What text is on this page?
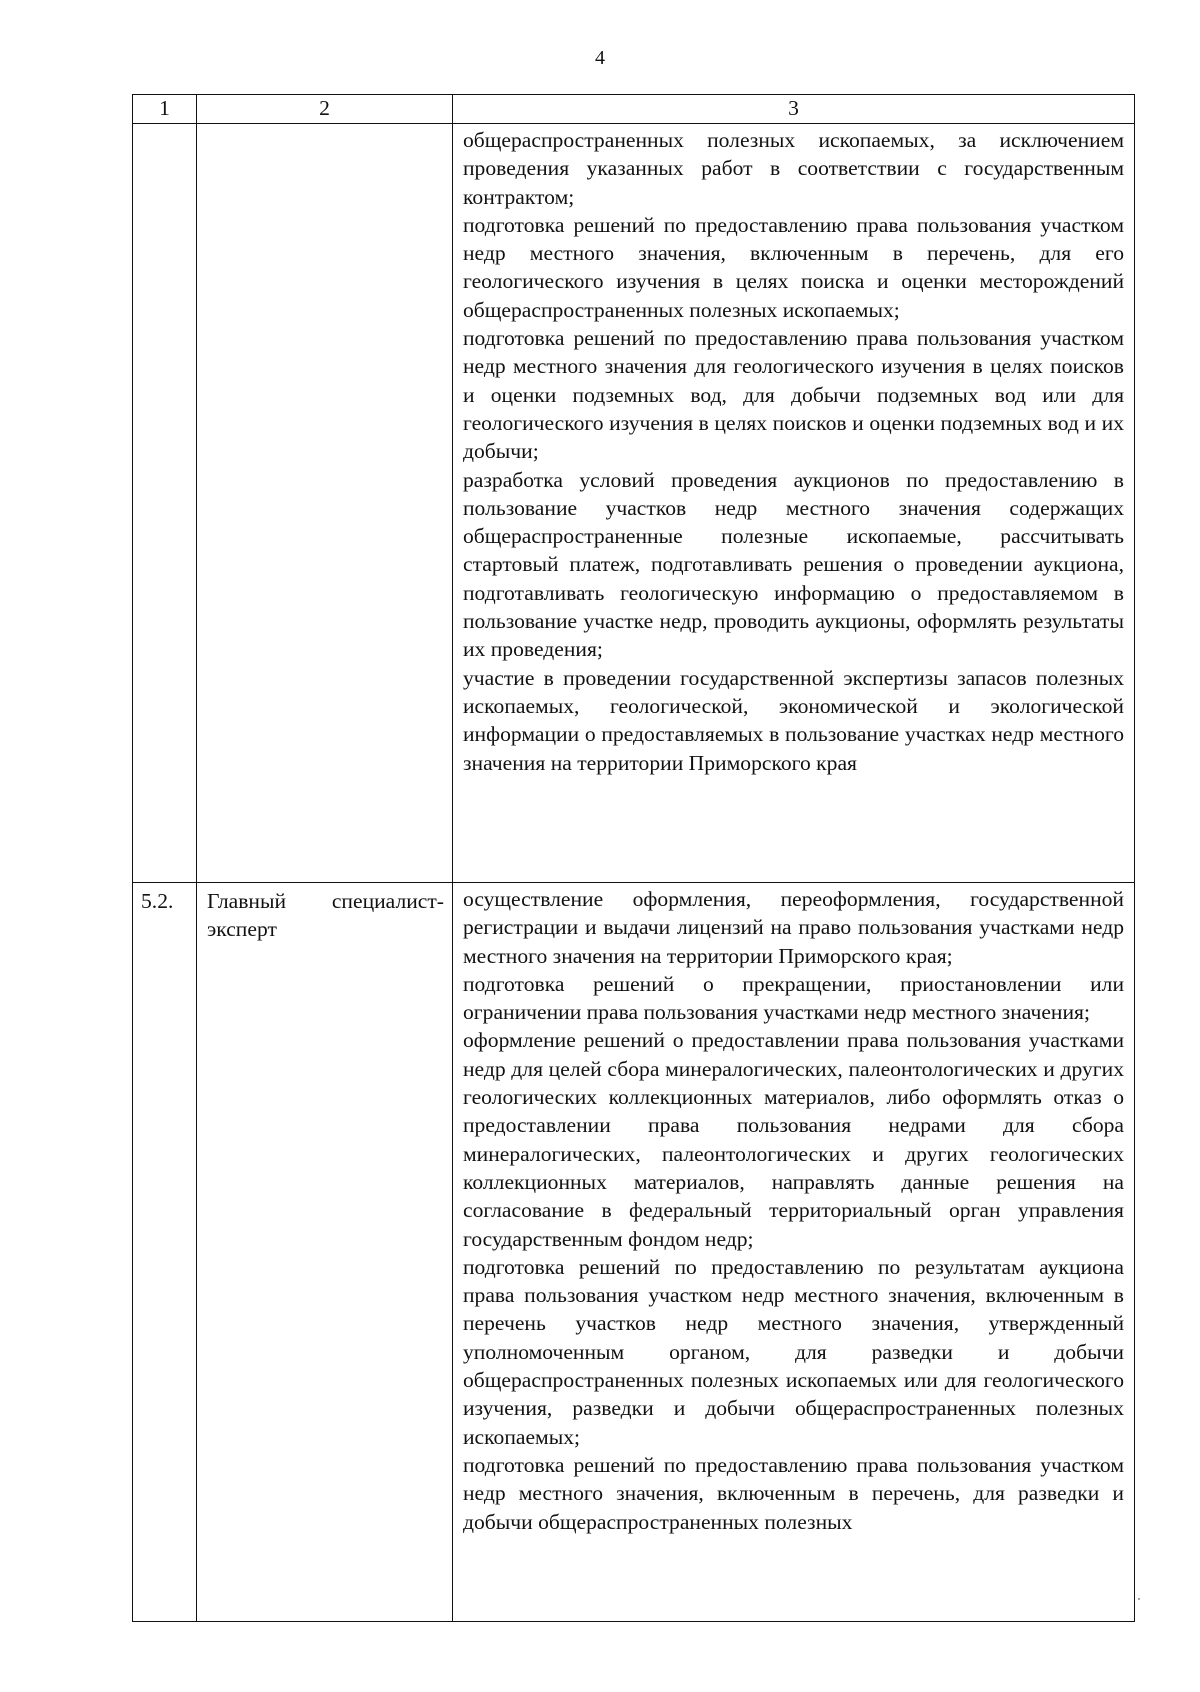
4
1	2	3

		общераспространенных полезных ископаемых, за исключением проведения указанных работ в соответствии с государственным контрактом;
подготовка решений по предоставлению права пользования участком недр местного значения, включенным в перечень, для его геологического изучения в целях поиска и оценки месторождений общераспространенных полезных ископаемых;
подготовка решений по предоставлению права пользования участком недр местного значения для геологического изучения в целях поисков и оценки подземных вод, для добычи подземных вод или для геологического изучения в целях поисков и оценки подземных вод и их добычи;
разработка условий проведения аукционов по предоставлению в пользование участков недр местного значения содержащих общераспространенные полезные ископаемые, рассчитывать стартовый платеж, подготавливать решения о проведении аукциона, подготавливать геологическую информацию о предоставляемом в пользование участке недр, проводить аукционы, оформлять результаты их проведения;
участие в проведении государственной экспертизы запасов полезных ископаемых, геологической, экономической и экологической информации о предоставляемых в пользование участках недр местного значения на территории Приморского края

5.2.	Главный специалист-эксперт	осуществление оформления, переоформления, государственной регистрации и выдачи лицензий на право пользования участками недр местного значения на территории Приморского края;
подготовка решений о прекращении, приостановлении или ограничении права пользования участками недр местного значения;
оформление решений о предоставлении права пользования участками недр для целей сбора минералогических, палеонтологических и других геологических коллекционных материалов, либо оформлять отказ о предоставлении права пользования недрами для сбора минералогических, палеонтологических и других геологических коллекционных материалов, направлять данные решения на согласование в федеральный территориальный орган управления государственным фондом недр;
подготовка решений по предоставлению по результатам аукциона права пользования участком недр местного значения, включенным в перечень участков недр местного значения, утвержденный уполномоченным органом, для разведки и добычи общераспространенных полезных ископаемых или для геологического изучения, разведки и добычи общераспространенных полезных ископаемых;
подготовка решений по предоставлению права пользования участком недр местного значения, включенным в перечень, для разведки и добычи общераспространенных полезных
